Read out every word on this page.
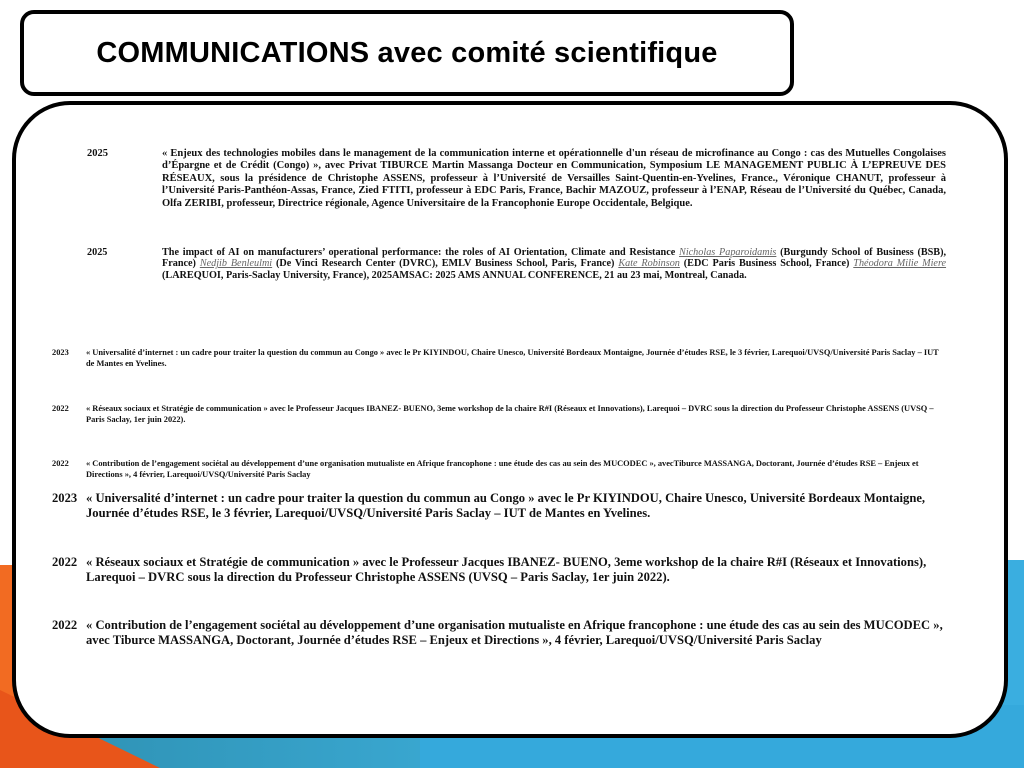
COMMUNICATIONS avec comité scientifique
2025	« Enjeux des technologies mobiles dans le management de la communication interne et opérationnelle d'un réseau de microfinance au Congo : cas des Mutuelles Congolaises d’Épargne et de Crédit (Congo) », avec Privat TIBURCE Martin Massanga Docteur en Communication, Symposium LE MANAGEMENT PUBLIC À L’EPREUVE DES RÉSEAUX, sous la présidence de Christophe ASSENS, professeur à l’Université de Versailles Saint-Quentin-en-Yvelines, France., Véronique CHANUT, professeur à l’Université Paris-Panthéon-Assas, France, Zied FTITI, professeur à EDC Paris, France, Bachir MAZOUZ, professeur à l’ENAP, Réseau de l’Université du Québec, Canada, Olfa ZERIBI, professeur, Directrice régionale, Agence Universitaire de la Francophonie Europe Occidentale, Belgique.
2025	The impact of AI on manufacturers’ operational performance: the roles of AI Orientation, Climate and Resistance Nicholas Paparoidamis (Burgundy School of Business (BSB), France) Nedjib Benleulmi (De Vinci Research Center (DVRC), EMLV Business School, Paris, France) Kate Robinson (EDC Paris Business School, France) Théodora Milie Miere (LAREQUOI, Paris-Saclay University, France), 2025AMSAC: 2025 AMS ANNUAL CONFERENCE, 21 au 23 mai, Montreal, Canada.
2023 « Universalité d’internet : un cadre pour traiter la question du commun au Congo » avec le Pr KIYINDOU, Chaire Unesco, Université Bordeaux Montaigne, Journée d’études RSE, le 3 février, Larequoi/UVSQ/Université Paris Saclay – IUT de Mantes en Yvelines.
2022 « Réseaux sociaux et Stratégie de communication » avec le Professeur Jacques IBANEZ- BUENO, 3eme workshop de la chaire R#I (Réseaux et Innovations), Larequoi – DVRC sous la direction du Professeur Christophe ASSENS (UVSQ – Paris Saclay, 1er juin 2022).
2022 « Contribution de l’engagement sociétal au développement d’une organisation mutualiste en Afrique francophone : une étude des cas au sein des MUCODEC », avecTiburce MASSANGA, Doctorant, Journée d’études RSE – Enjeux et Directions », 4 février, Larequoi/UVSQ/Université Paris Saclay
2023 « Universalité d’internet : un cadre pour traiter la question du commun au Congo » avec le Pr KIYINDOU, Chaire Unesco, Université Bordeaux Montaigne, Journée d’études RSE, le 3 février, Larequoi/UVSQ/Université Paris Saclay – IUT de Mantes en Yvelines.
2022 « Réseaux sociaux et Stratégie de communication » avec le Professeur Jacques IBANEZ- BUENO, 3eme workshop de la chaire R#I (Réseaux et Innovations), Larequoi – DVRC sous la direction du Professeur Christophe ASSENS (UVSQ – Paris Saclay, 1er juin 2022).
2022 « Contribution de l’engagement sociétal au développement d’une organisation mutualiste en Afrique francophone : une étude des cas au sein des MUCODEC », avec Tiburce MASSANGA, Doctorant, Journée d’études RSE – Enjeux et Directions », 4 février, Larequoi/UVSQ/Université Paris Saclay
